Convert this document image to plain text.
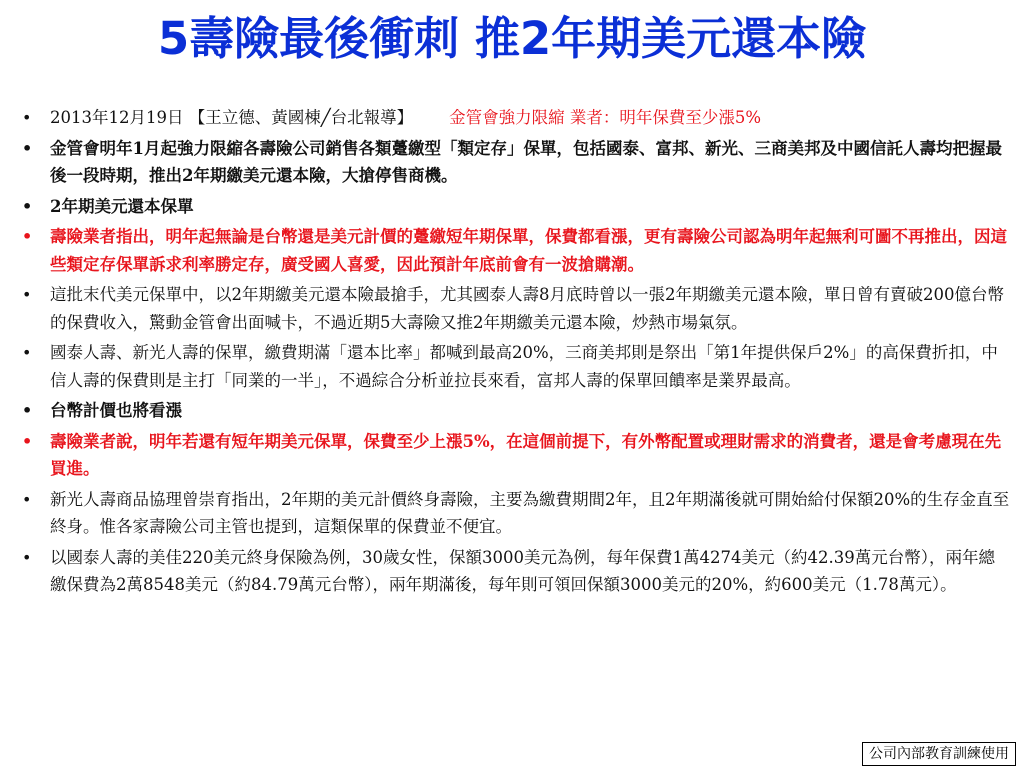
5壽險最後衝刺 推2年期美元還本險
• 2013年12月19日 【王立德、黃國棟╱台北報導】 金管會強力限縮 業者：明年保費至少漲5%
• 金管會明年1月起強力限縮各壽險公司銷售各類躉繳型「類定存」保單，包括國泰、富邦、新光、三商美邦及中國信託人壽均把握最後一段時期，推出2年期繳美元還本險，大搶停售商機。
• 2年期美元還本保單
• 壽險業者指出，明年起無論是台幣還是美元計價的躉繳短年期保單，保費都看漲，更有壽險公司認為明年起無利可圖不再推出，因這些類定存保單訴求利率勝定存，廣受國人喜愛，因此預計年底前會有一波搶購潮。
• 這批末代美元保單中，以2年期繳美元還本險最搶手，尤其國泰人壽8月底時曾以一張2年期繳美元還本險，單日曾有賣破200億台幣的保費收入，驚動金管會出面喊卡，不過近期5大壽險又推2年期繳美元還本險，炒熱市場氣氛。
• 國泰人壽、新光人壽的保單，繳費期滿「還本比率」都喊到最高20%，三商美邦則是祭出「第1年提供保戶2%」的高保費折扣，中信人壽的保費則是主打「同業的一半」，不過綜合分析並拉長來看，富邦人壽的保單回饋率是業界最高。
• 台幣計價也將看漲
• 壽險業者說，明年若還有短年期美元保單，保費至少上漲5%，在這個前提下，有外幣配置或理財需求的消費者，還是會考慮現在先買進。
• 新光人壽商品協理曾崇育指出，2年期的美元計價終身壽險，主要為繳費期間2年，且2年期滿後就可開始給付保額20%的生存金直至終身。惟各家壽險公司主管也提到，這類保單的保費並不便宜。
• 以國泰人壽的美佳220美元終身保險為例，30歲女性，保額3000美元為例，每年保費1萬4274美元（約42.39萬元台幣），兩年總繳保費為2萬8548美元（約84.79萬元台幣），兩年期滿後，每年則可領回保額3000美元的20%，約600美元（1.78萬元）。
公司內部教育訓練使用
